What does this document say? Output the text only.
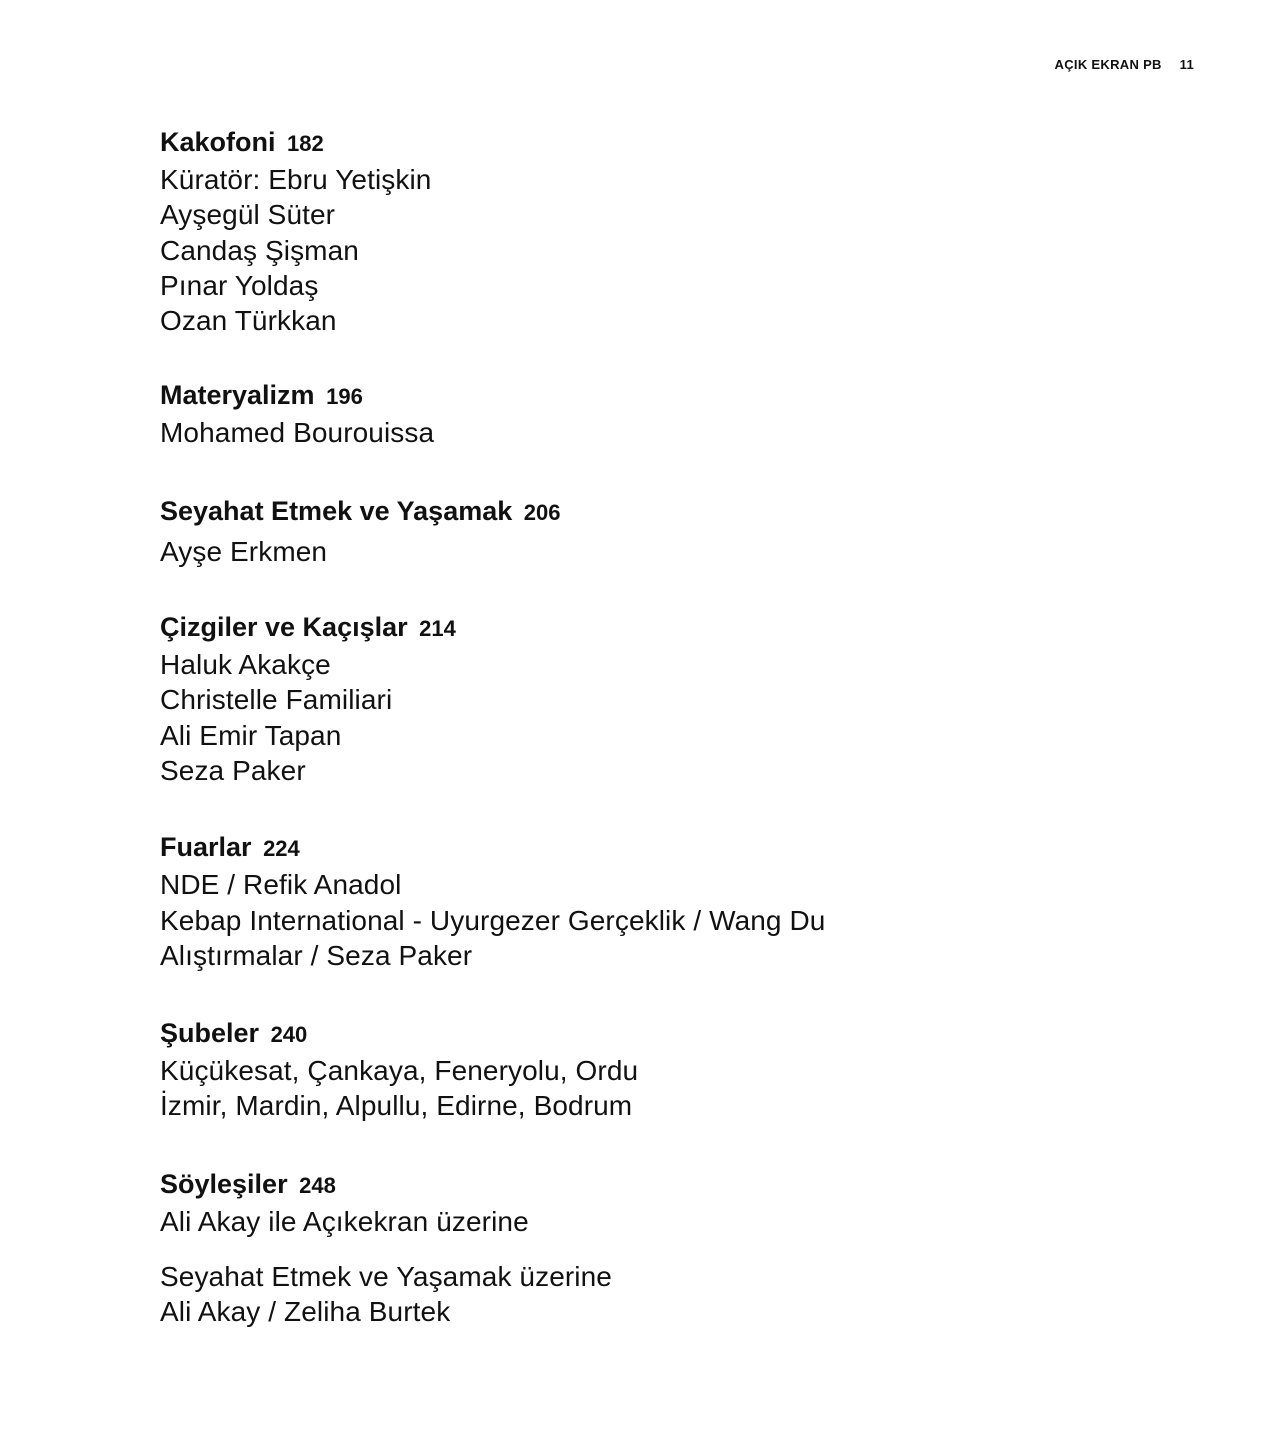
AÇIK EKRAN PB 11
Kakofoni 182
Küratör: Ebru Yetişkin
Ayşegül Süter
Candaş Şişman
Pınar Yoldaş
Ozan Türkkan
Materyalizm 196
Mohamed Bourouissa
Seyahat Etmek ve Yaşamak 206
Ayşe Erkmen
Çizgiler ve Kaçışlar 214
Haluk Akakçe
Christelle Familiari
Ali Emir Tapan
Seza Paker
Fuarlar 224
NDE / Refik Anadol
Kebap International - Uyurgezer Gerçeklik / Wang Du
Alıştırmalar / Seza Paker
Şubeler 240
Küçükesat, Çankaya, Feneryolu, Ordu
İzmir, Mardin, Alpullu, Edirne, Bodrum
Söyleşiler 248
Ali Akay ile Açıkekran üzerine
Seyahat Etmek ve Yaşamak üzerine
Ali Akay / Zeliha Burtek
